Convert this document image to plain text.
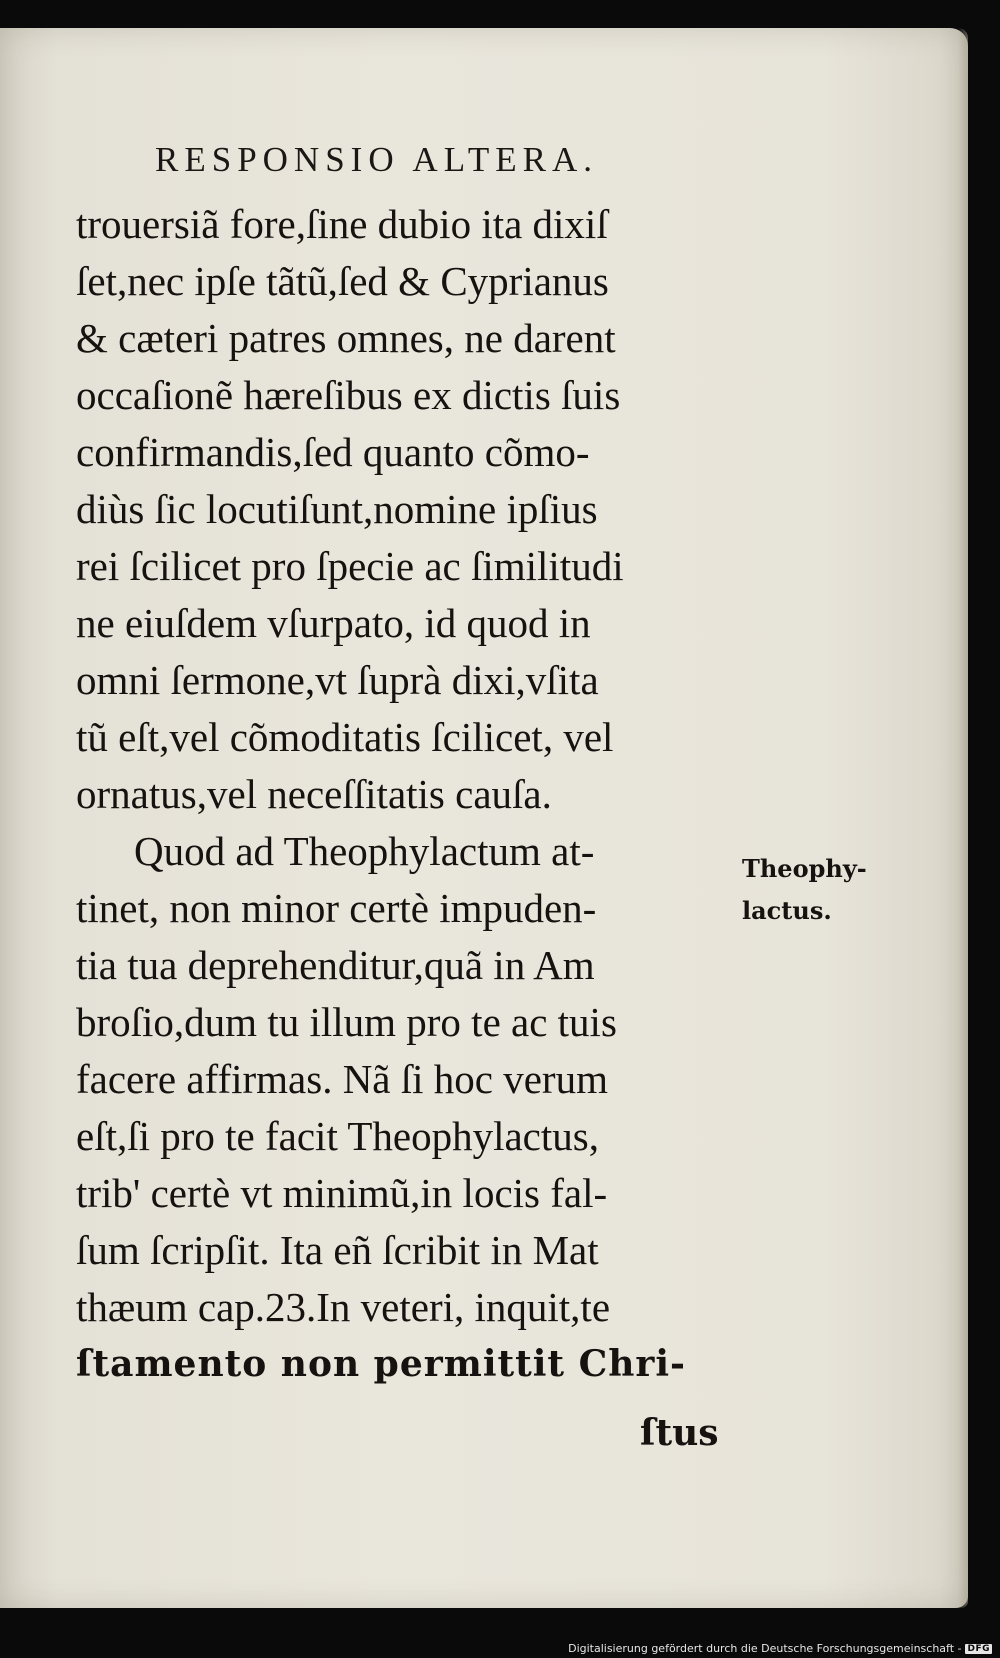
RESPONSIO ALTERA.
trouersiã fore,ſine dubio ita dixiſ
ſet,nec ipſe tãtũ,ſed & Cyprianus
& cæteri patres omnes, ne darent
occaſionẽ hæreſibus ex dictis ſuis
confirmandis,ſed quanto cõmo-
diùs ſic locutiſunt,nomine ipſius
rei ſcilicet pro ſpecie ac ſimilitudi
ne eiuſdem vſurpato, id quod in
omni ſermone,vt ſuprà dixi,vſita
tũ eſt,vel cõmoditatis ſcilicet, vel
ornatus,vel neceſſitatis cauſa.
Quod ad Theophylactum at-
tinet, non minor certè impuden-
tia tua deprehenditur,quã in Am
broſio,dum tu illum pro te ac tuis
facere affirmas. Nã ſi hoc verum
eſt,ſi pro te facit Theophylactus,
trib' certè vt minimũ,in locis fal-
ſum ſcripſit. Ita eñ ſcribit in Mat
thæum cap.23.In veteri, inquit,te
ſtamento non permittit Chri-
ſtus
Theophy-
lactus.
Digitalisierung gefördert durch die Deutsche Forschungsgemeinschaft - DFG
